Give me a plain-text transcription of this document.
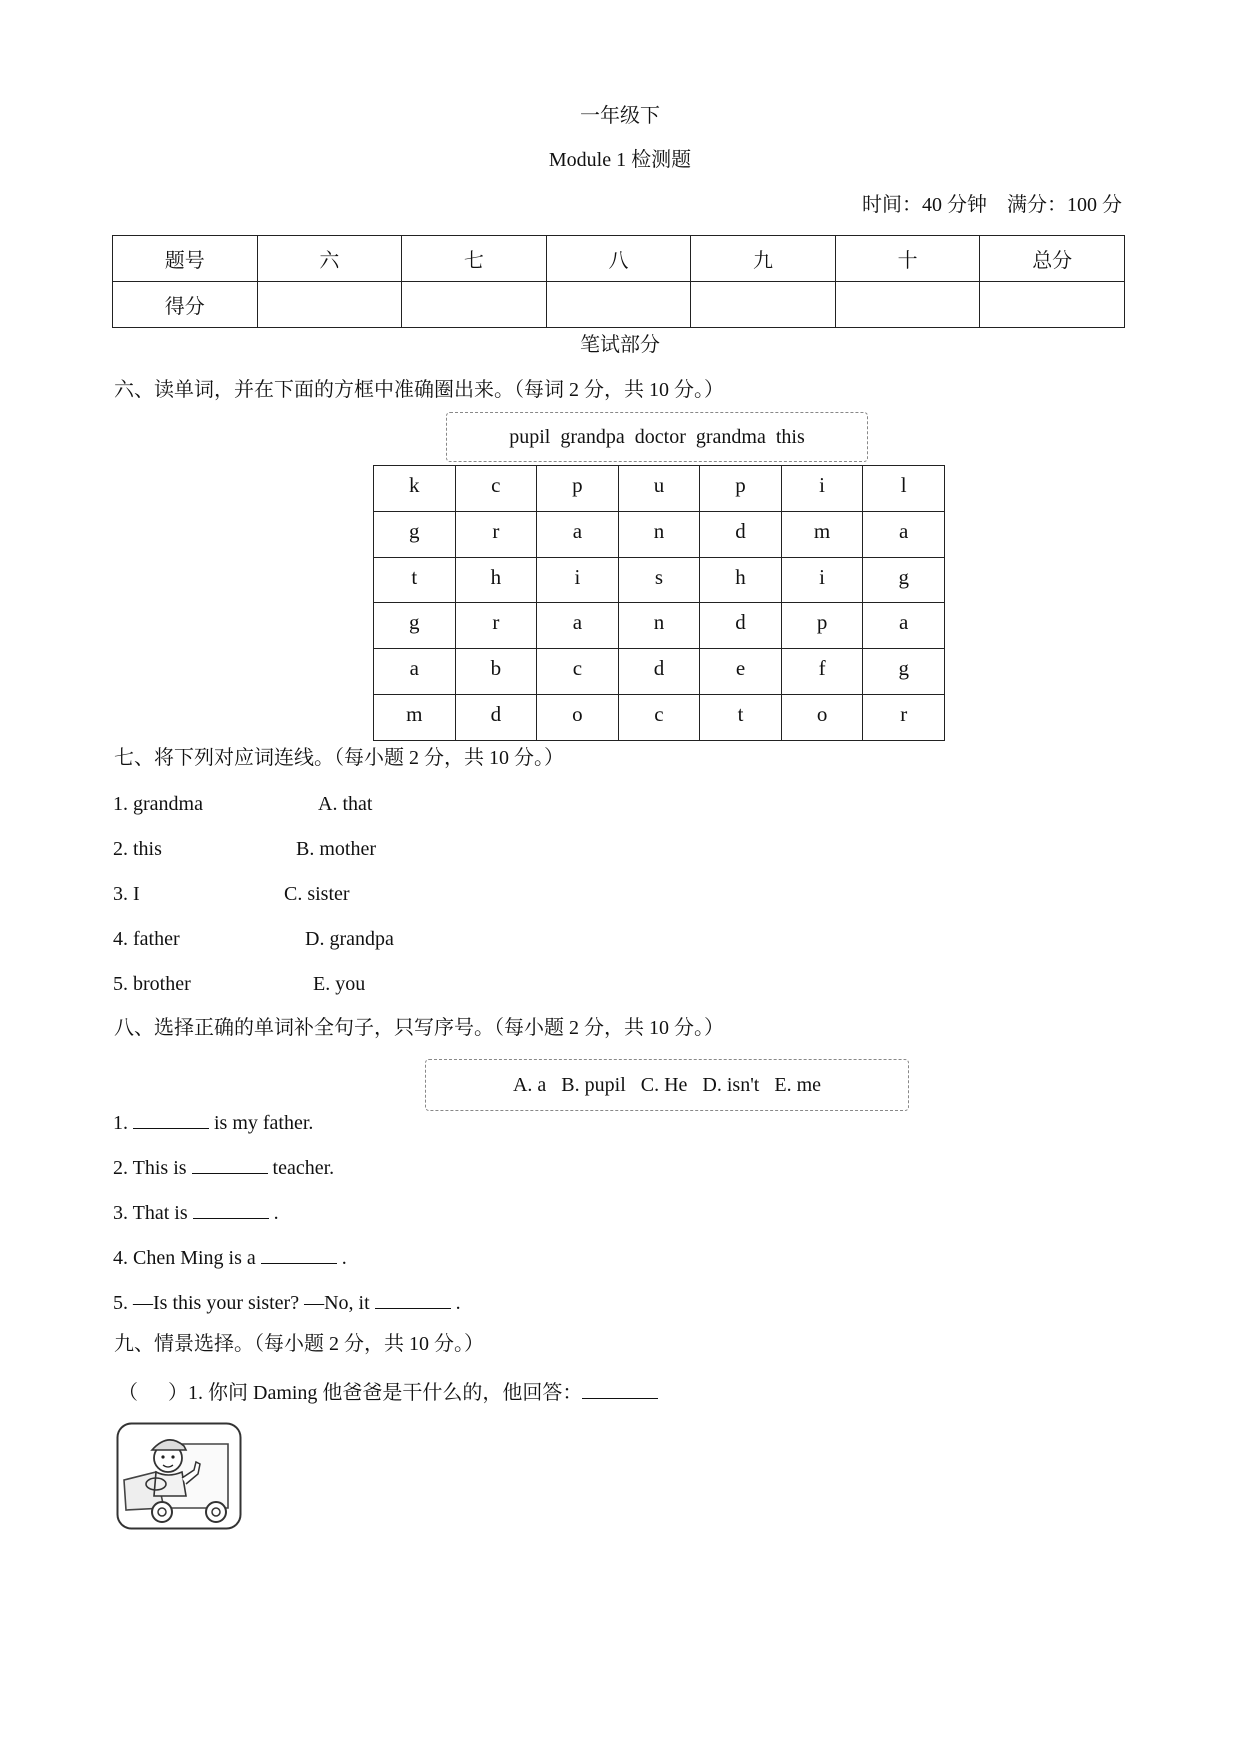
一年级下
Module 1 检测题
时间：40 分钟    满分：100 分
题号	六	七	八	九	十	总分
得分						
笔试部分
六、读单词，并在下面的方框中准确圈出来。（每词 2 分，共 10 分。）
pupil  grandpa  doctor  grandma  this
k	c	p	u	p	i	l
g	r	a	n	d	m	a
t	h	i	s	h	i	g
g	r	a	n	d	p	a
a	b	c	d	e	f	g
m	d	o	c	t	o	r
七、将下列对应词连线。（每小题 2 分，共 10 分。）
1. grandma	A. that
2. this	B. mother
3. I	C. sister
4. father	D. grandpa
5. brother	E. you
八、选择正确的单词补全句子，只写序号。（每小题 2 分，共 10 分。）
A. a   B. pupil   C. He   D. isn't   E. me
1.	is my father.
2. This is	teacher.
3. That is	.
4. Chen Ming is a	.
5. —Is this your sister? —No, it	.
九、情景选择。（每小题 2 分，共 10 分。）
（      ）1. 你问 Daming 他爸爸是干什么的，他回答：
